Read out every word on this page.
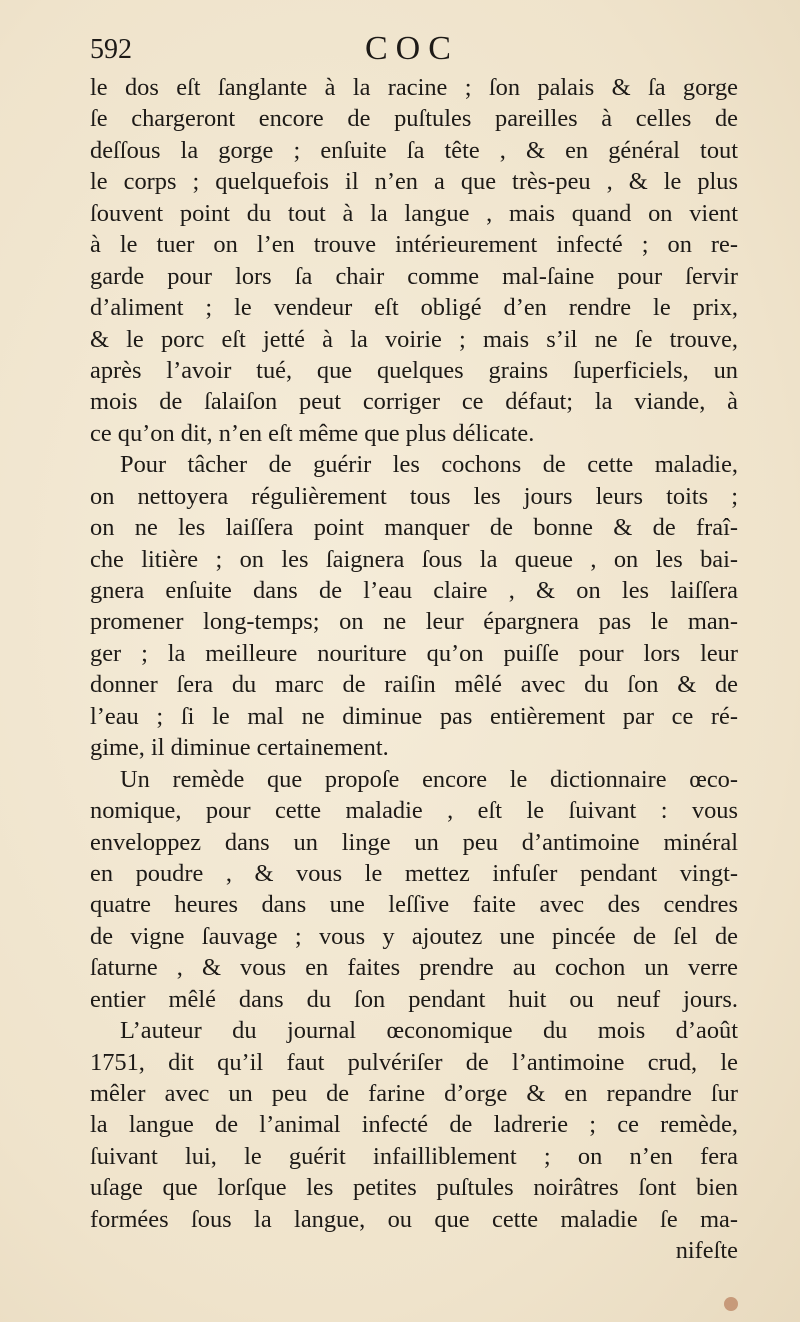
592	COC
le dos eſt ſanglante à la racine ; ſon palais & ſa gorge
ſe chargeront encore de puſtules pareilles à celles de
deſſous la gorge ; enſuite ſa tête , & en général tout
le corps ; quelquefois il n’en a que très-peu , & le plus
ſouvent point du tout à la langue , mais quand on vient
à le tuer on l’en trouve intérieurement infecté ; on re-
garde pour lors ſa chair comme mal-ſaine pour ſervir
d’aliment ; le vendeur eſt obligé d’en rendre le prix,
& le porc eſt jetté à la voirie ; mais s’il ne ſe trouve,
après l’avoir tué, que quelques grains ſuperficiels, un
mois de ſalaiſon peut corriger ce défaut; la viande, à
ce qu’on dit, n’en eſt même que plus délicate.
Pour tâcher de guérir les cochons de cette maladie,
on nettoyera régulièrement tous les jours leurs toits ;
on ne les laiſſera point manquer de bonne & de fraî-
che litière ; on les ſaignera ſous la queue , on les bai-
gnera enſuite dans de l’eau claire , & on les laiſſera
promener long-temps; on ne leur épargnera pas le man-
ger ; la meilleure nouriture qu’on puiſſe pour lors leur
donner ſera du marc de raiſin mêlé avec du ſon & de
l’eau ; ſi le mal ne diminue pas entièrement par ce ré-
gime, il diminue certainement.
Un remède que propoſe encore le dictionnaire œco-
nomique, pour cette maladie , eſt le ſuivant : vous
enveloppez dans un linge un peu d’antimoine minéral
en poudre , & vous le mettez infuſer pendant vingt-
quatre heures dans une leſſive faite avec des cendres
de vigne ſauvage ; vous y ajoutez une pincée de ſel de
ſaturne , & vous en faites prendre au cochon un verre
entier mêlé dans du ſon pendant huit ou neuf jours.
L’auteur du journal œconomique du mois d’août
1751, dit qu’il faut pulvériſer de l’antimoine crud, le
mêler avec un peu de farine d’orge & en repandre ſur
la langue de l’animal infecté de ladrerie ; ce remède,
ſuivant lui, le guérit infailliblement ; on n’en fera
uſage que lorſque les petites puſtules noirâtres ſont bien
formées ſous la langue, ou que cette maladie ſe ma-
nifeſte
